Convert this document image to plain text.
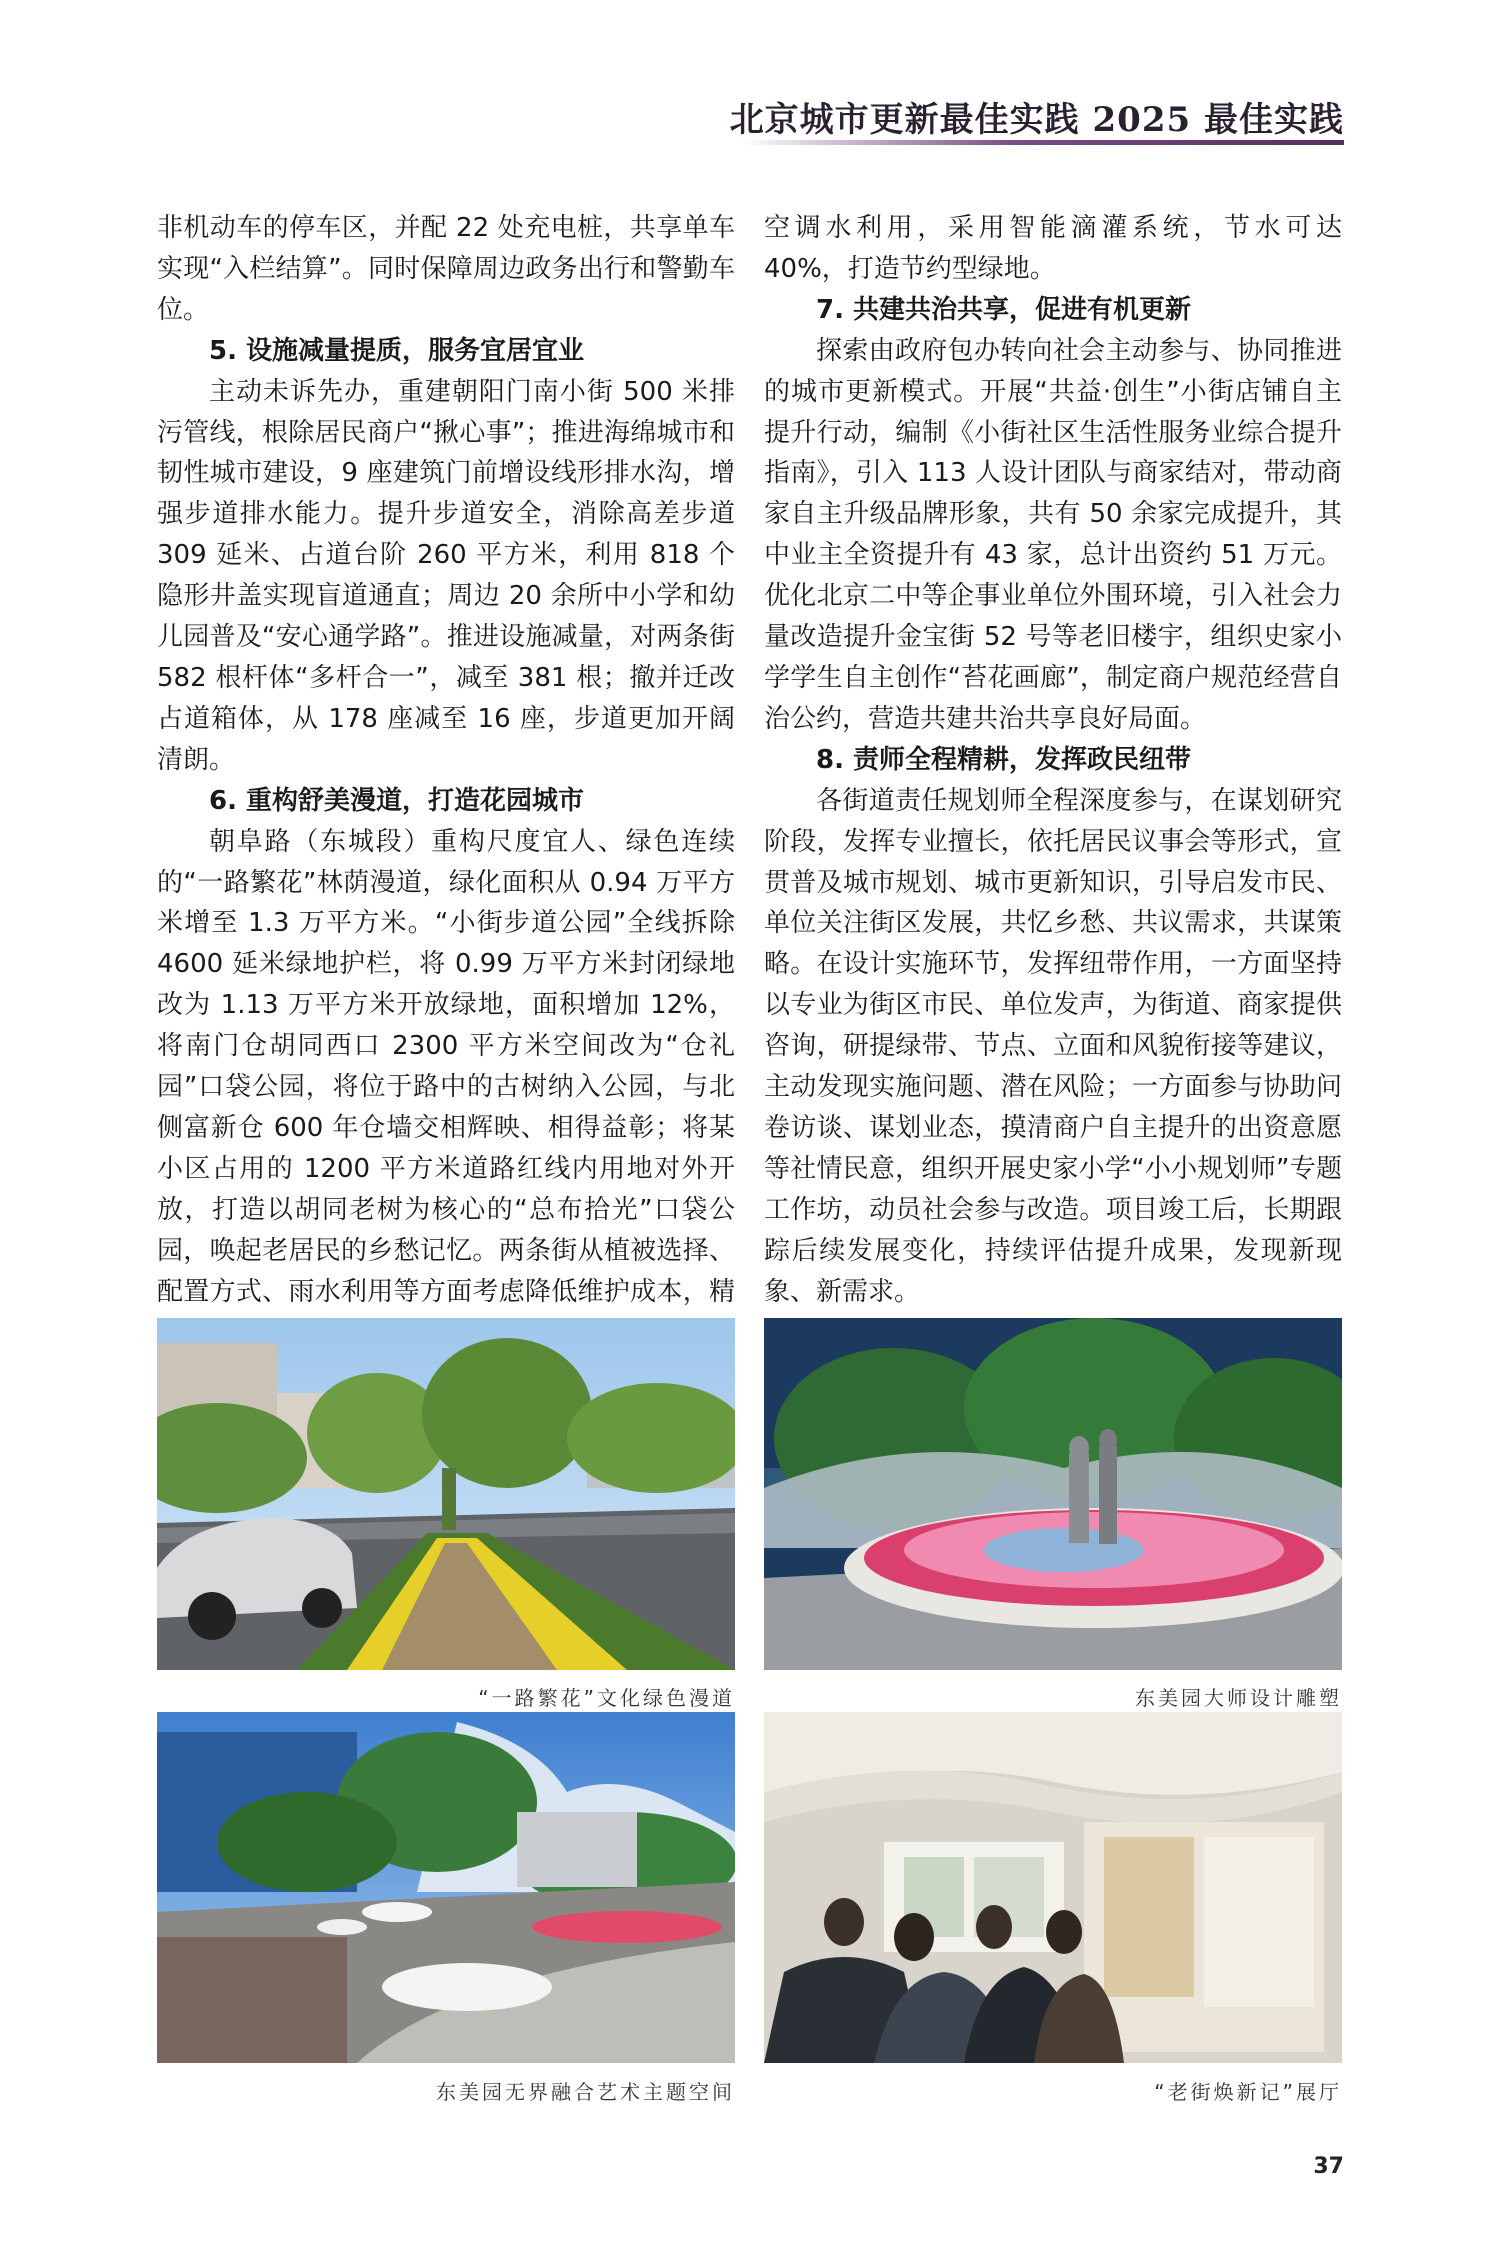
北京城市更新最佳实践 2025 最佳实践

非机动车的停车区，并配 22 处充电桩，共享单车实现“入栏结算”。同时保障周边政务出行和警勤车位。

5. 设施减量提质，服务宜居宜业

主动未诉先办，重建朝阳门南小街 500 米排污管线，根除居民商户“揪心事”；推进海绵城市和韧性城市建设，9 座建筑门前增设线形排水沟，增强步道排水能力。提升步道安全，消除高差步道 309 延米、占道台阶 260 平方米，利用 818 个隐形井盖实现盲道通直；周边 20 余所中小学和幼儿园普及“安心通学路”。推进设施减量，对两条街 582 根杆体“多杆合一”，减至 381 根；撤并迁改占道箱体，从 178 座减至 16 座，步道更加开阔清朗。

6. 重构舒美漫道，打造花园城市

朝阜路（东城段）重构尺度宜人、绿色连续的“一路繁花”林荫漫道，绿化面积从 0.94 万平方米增至 1.3 万平方米。“小街步道公园”全线拆除 4600 延米绿地护栏，将 0.99 万平方米封闭绿地改为 1.13 万平方米开放绿地，面积增加 12%，将南门仓胡同西口 2300 平方米空间改为“仓礼园”口袋公园，将位于路中的古树纳入公园，与北侧富新仓 600 年仓墙交相辉映、相得益彰；将某小区占用的 1200 平方米道路红线内用地对外开放，打造以胡同老树为核心的“总布拾光”口袋公园，唤起老居民的乡愁记忆。两条街从植被选择、配置方式、雨水利用等方面考虑降低维护成本，精

空调水利用，采用智能滴灌系统，节水可达 40%，打造节约型绿地。

7. 共建共治共享，促进有机更新

探索由政府包办转向社会主动参与、协同推进的城市更新模式。开展“共益·创生”小街店铺自主提升行动，编制《小街社区生活性服务业综合提升指南》，引入 113 人设计团队与商家结对，带动商家自主升级品牌形象，共有 50 余家完成提升，其中业主全资提升有 43 家，总计出资约 51 万元。优化北京二中等企事业单位外围环境，引入社会力量改造提升金宝街 52 号等老旧楼宇，组织史家小学学生自主创作“苔花画廊”，制定商户规范经营自治公约，营造共建共治共享良好局面。

8. 责师全程精耕，发挥政民纽带

各街道责任规划师全程深度参与，在谋划研究阶段，发挥专业擅长，依托居民议事会等形式，宣贯普及城市规划、城市更新知识，引导启发市民、单位关注街区发展，共忆乡愁、共议需求，共谋策略。在设计实施环节，发挥纽带作用，一方面坚持以专业为街区市民、单位发声，为街道、商家提供咨询，研提绿带、节点、立面和风貌衔接等建议，主动发现实施问题、潜在风险；一方面参与协助问卷访谈、谋划业态，摸清商户自主提升的出资意愿等社情民意，组织开展史家小学“小小规划师”专题工作坊，动员社会参与改造。项目竣工后，长期跟踪后续发展变化，持续评估提升成果，发现新现象、新需求。

“一路繁花”文化绿色漫道	东美园大师设计雕塑
东美园无界融合艺术主题空间	“老街焕新记”展厅
37
